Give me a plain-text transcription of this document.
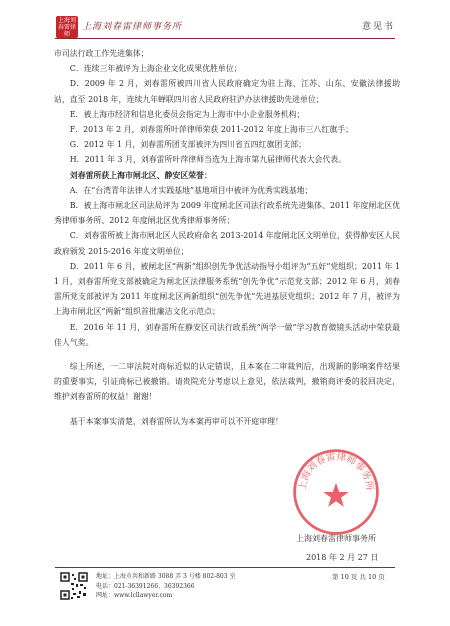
上海刘春雷律师
上海刘春雷律师事务所	意见书

市司法行政工作先进集体；

C．连续三年被评为上海企业文化成果优胜单位；

D．2009 年 2 月，刘春雷所被四川省人民政府确定为驻上海、江苏、山东、安徽法律援助站，直至 2018 年，连续九年蝉联四川省人民政府驻沪办法律援助先进单位；

E．被上海市经济和信息化委员会指定为上海市中小企业服务机构；

F．2013 年 2 月，刘春雷所叶萍律师荣获 2011-2012 年度上海市三八红旗手；

G．2012 年 1 月，刘春雷所团支部被评为四川省五四红旗团支部；

H．2011 年 3 月，刘春雷所叶萍律师当选为上海市第九届律师代表大会代表。

刘春雷所获上海市闸北区、静安区荣誉：

A．在“台湾青年法律人才实践基地”基地项目中被评为优秀实践基地；

B．被上海市闸北区司法局评为 2009 年度闸北区司法行政系统先进集体、2011 年度闸北区优秀律师事务所、2012 年度闸北区优秀律师事务所；

C．刘春雷所被上海市闸北区人民政府命名 2013-2014 年度闸北区文明单位，获得静安区人民政府颁发 2015-2016 年度文明单位；

D．2011 年 6 月，被闸北区“两新”组织创先争优活动指导小组评为“五好”党组织；2011 年 11 月，刘春雷所党支部被确定为闸北区法律服务系统“创先争优”示范党支部；2012 年 6 月，刘春雷所党支部被评为 2011 年度闸北区两新组织“创先争优”先进基层党组织；2012 年 7 月，被评为上海市闸北区“两新”组织首批廉洁文化示范点；

E．2016 年 11 月，刘春雷所在静安区司法行政系统“两学一做”学习教育微镜头活动中荣获最佳人气奖。

综上所述，一二审法院对商标近似的认定错误，且本案在二审裁判后，出现新的影响案件结果的重要事实，引证商标已被撤销。请贵院充分考虑以上意见，依法裁判，撤销商评委的驳回决定，维护刘春雷所的权益！谢谢！

基于本案事实清楚，刘春雷所认为本案再审可以不开庭审理！

上海刘春雷律师事务所
上海刘春雷律师事务所
2018 年 2 月 27 日
地址：上海市共和新路 3088 弄 3 号楼 802-803 室
电话：021-36391266、36392366
网址：www.lcllawyer.com
第 10 页 共 10 页
